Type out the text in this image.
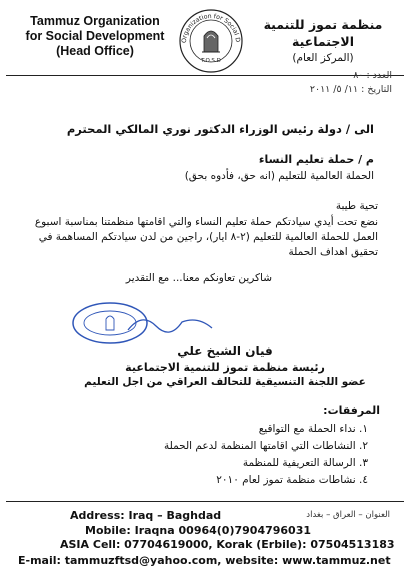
Tammuz Organization
for Social Development
(Head Office)
Organization for Social D
T.O.S.D
منظمة تموز للتنمية الاجتماعية
(المركز العام)
العدد : ٨٠
التاريخ : ١١/ ٥/ ٢٠١١
الى / دولة رئيس الوزراء الدكتور نوري المالكي المحترم
م / حملة تعليم النساء
الحملة العالمية للتعليم (انه حق، فأدوه بحق)
تحية طيبة
نضع تحت أيدي سيادتكم حملة تعليم النساء والتي اقامتها منظمتنا بمناسبة اسبوع العمل للحملة العالمية للتعليم (٢-٨ ايار)، راجين من لدن سيادتكم المساهمة في تحقيق اهداف الحملة
شاكرين تعاونكم معنا... مع التقدير
فيان الشيخ علي
رئيسة منظمة تموز للتنمية الاجتماعية
عضو اللجنة التنسيقية للتحالف العراقي من اجل التعليم
المرفقات:
١. نداء الحملة مع التواقيع
٢. النشاطات التي اقامتها المنظمة لدعم الحملة
٣. الرسالة التعريفية للمنظمة
٤. نشاطات منظمة تموز لعام ٢٠١٠
Address: Iraq – Baghdad	العنوان – العراق – بغداد
Mobile: Iraqna 00964(0)7904796031
ASIA Cell: 07704619000, Korak (Erbile): 07504513183
E-mail: tammuzftsd@yahoo.com, website: www.tammuz.net
